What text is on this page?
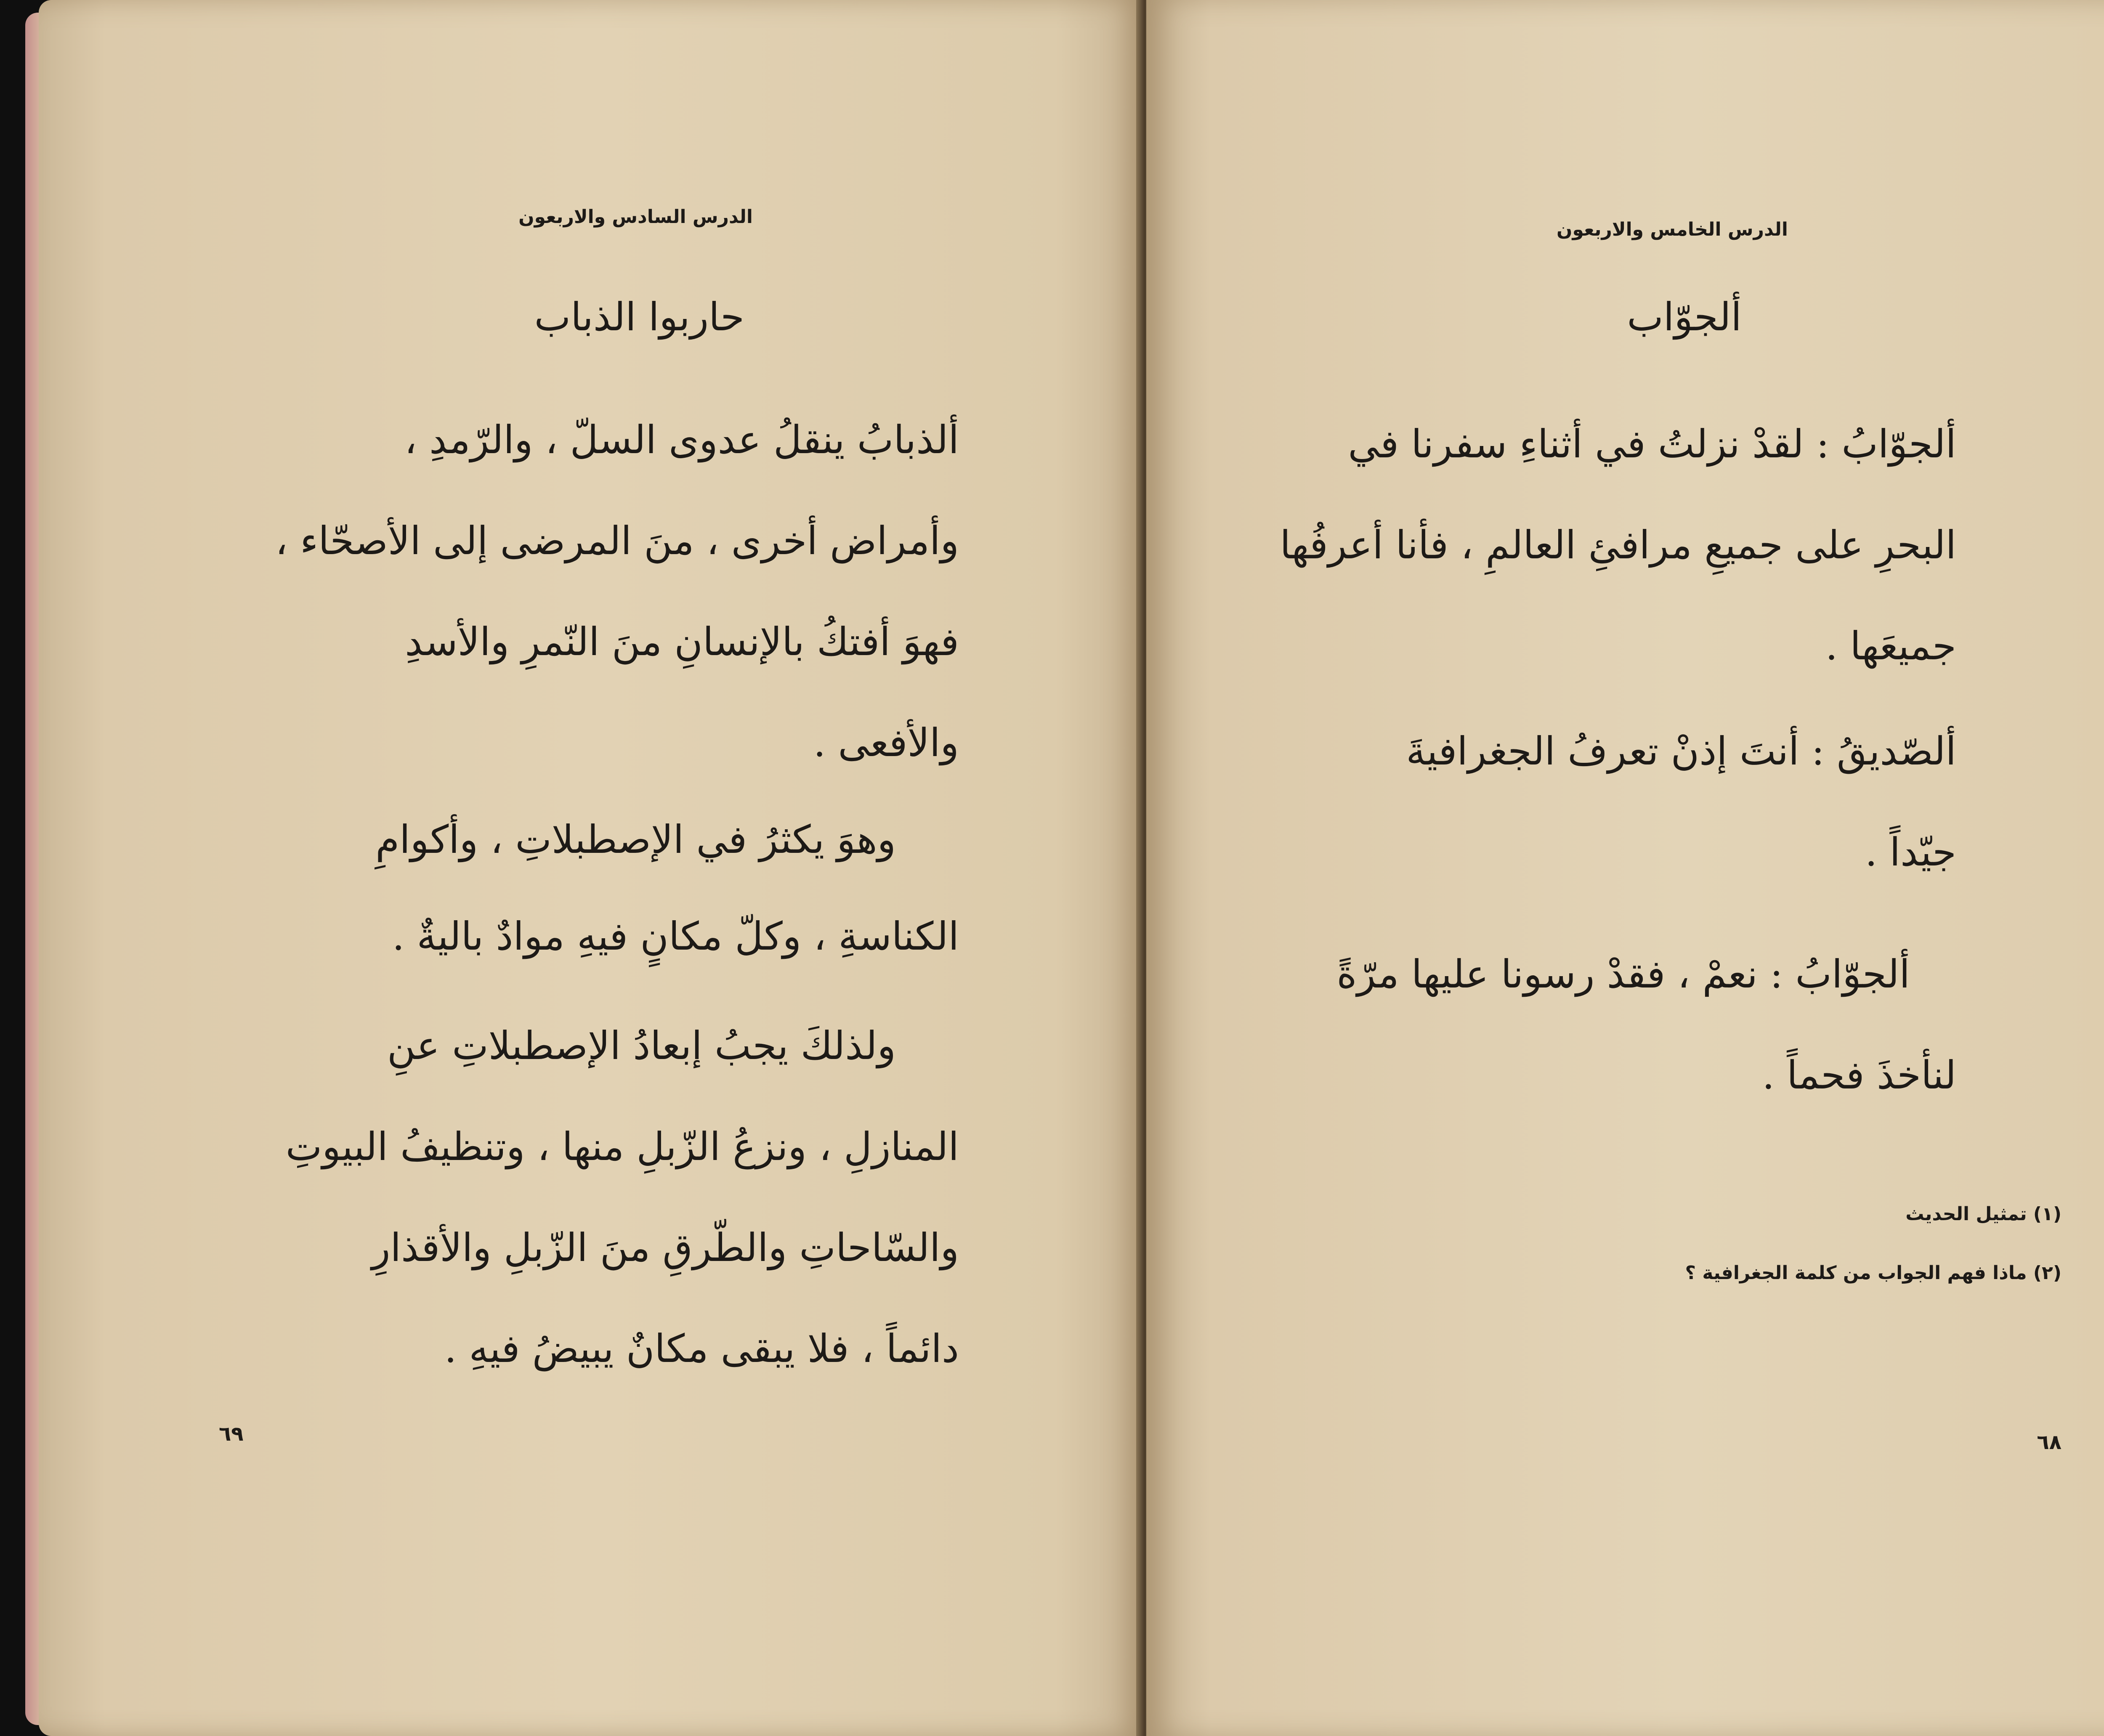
الدرس السادس والاربعون
حاربوا الذباب
ألذبابُ ينقلُ عدوى السلّ ، والرّمدِ ،
وأمراض أخرى ، منَ المرضى إلى الأصحّاء ،
فهوَ أفتكُ بالإنسانِ منَ النّمرِ والأسدِ
والأفعى .
وهوَ يكثرُ في الإصطبلاتِ ، وأكوامِ
الكناسةِ ، وكلّ مكانٍ فيهِ موادٌ باليةٌ .
ولذلكَ يجبُ إبعادُ الإصطبلاتِ عنِ
المنازلِ ، ونزعُ الزّبلِ منها ، وتنظيفُ البيوتِ
والسّاحاتِ والطّرقِ منَ الزّبلِ والأقذارِ
دائماً ، فلا يبقى مكانٌ يبيضُ فيهِ .
٦٩
الدرس الخامس والاربعون
ألجوّاب
ألجوّابُ : لقدْ نزلتُ في أثناءِ سفرنا في
البحرِ على جميعِ مرافئِ العالمِ ، فأنا أعرفُها
جميعَها .
ألصّديقُ : أنتَ إذنْ تعرفُ الجغرافيةَ
جيّداً .
ألجوّابُ : نعمْ ، فقدْ رسونا عليها مرّةً
لنأخذَ فحماً .
(١) تمثيل الحديث
(٢) ماذا فهم الجواب من كلمة الجغرافية ؟
٦٨
